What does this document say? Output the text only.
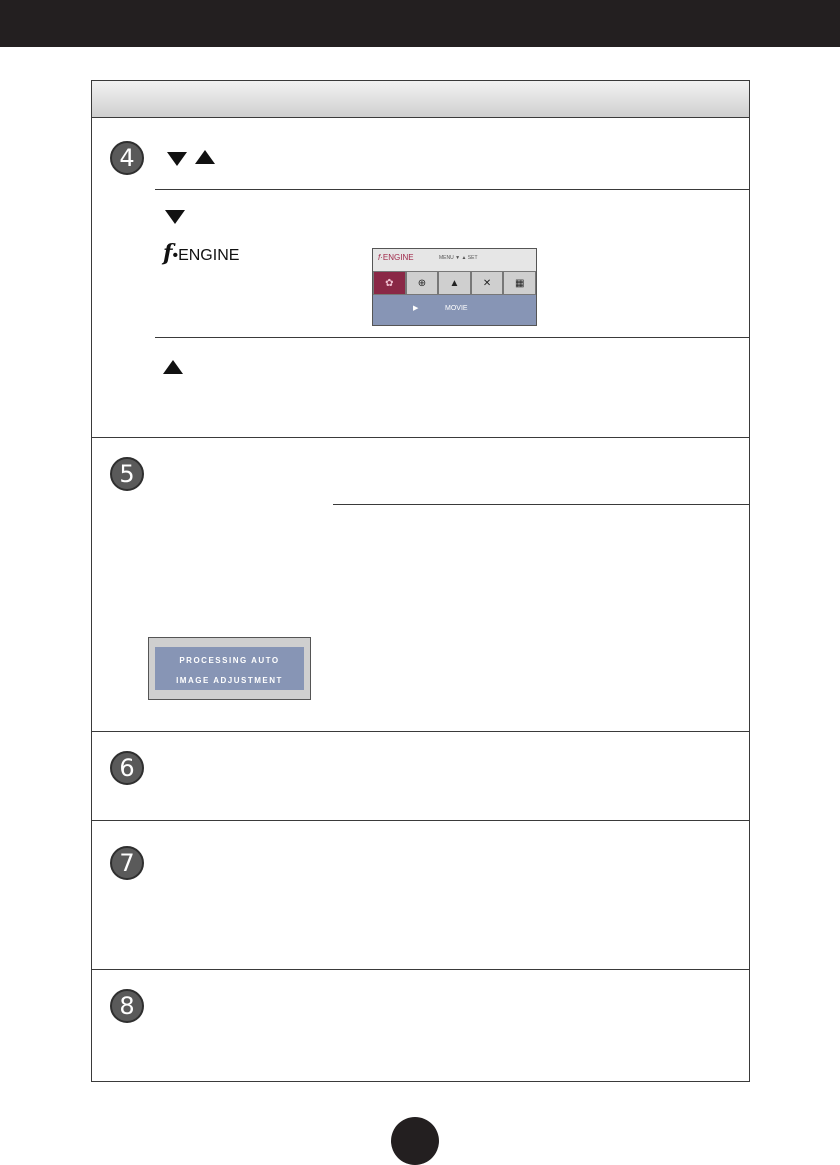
4
5
6
7
8
f•ENGINE	f·ENGINE	MENU ▼ ▲ SET
✿	⊕	▲	✕	▦
▶	MOVIE
PROCESSING AUTO
IMAGE ADJUSTMENT
